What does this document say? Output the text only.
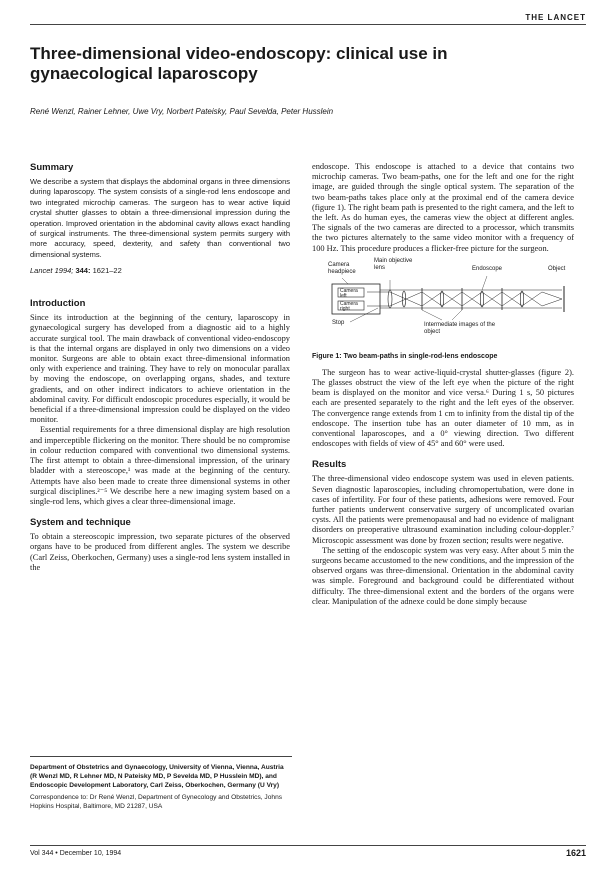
THE LANCET
Three-dimensional video-endoscopy: clinical use in gynaecological laparoscopy
René Wenzl, Rainer Lehner, Uwe Vry, Norbert Pateisky, Paul Sevelda, Peter Husslein
Summary

We describe a system that displays the abdominal organs in three dimensions during laparoscopy. The system consists of a single-rod lens endoscope and two integrated microchip cameras. The surgeon has to wear active liquid crystal shutter glasses to obtain a three-dimensional impression during the operation. Improved orientation in the abdominal cavity allows exact handling of surgical instruments. The three-dimensional system permits surgery with more accuracy, speed, dexterity, and safety than conventional two dimensional systems.

Lancet 1994; 344: 1621–22
Introduction

Since its introduction at the beginning of the century, laparoscopy in gynaecological surgery has developed from a diagnostic aid to a highly accurate surgical tool. The main drawback of conventional video-endoscopy is that the internal organs are displayed in only two dimensions on a video monitor. Surgeons are able to obtain exact three-dimensional information only with experience and training. They have to rely on monocular parallax by moving the endoscope, on overlapping organs, shades, and texture gradients, and on other indirect indicators to achieve orientation in the abdominal cavity. For difficult endoscopic procedures especially, it would be beneficial if a three-dimensional impression could be displayed on the video monitor.

Essential requirements for a three dimensional display are high resolution and imperceptible flickering on the monitor. There should be no compromise in colour reduction compared with conventional two dimensional systems. The first attempt to obtain a three-dimensional impression, of the urinary bladder with a stereoscope,¹ was made at the beginning of the century. Attempts have also been made to create three dimensional systems in other surgical disciplines.²⁻⁵ We describe here a new imaging system based on a single-rod lens, which gives a clear three-dimensional image.

System and technique

To obtain a stereoscopic impression, two separate pictures of the observed organs have to be produced from different angles. The system we describe (Carl Zeiss, Oberkochen, Germany) uses a single-rod lens system installed in the

Department of Obstetrics and Gynaecology, University of Vienna, Vienna, Austria (R Wenzl MD, R Lehner MD, N Pateisky MD, P Sevelda MD, P Husslein MD), and Endoscopic Development Laboratory, Carl Zeiss, Oberkochen, Germany (U Vry)

Correspondence to: Dr René Wenzl, Department of Gynecology and Obstetrics, Johns Hopkins Hospital, Baltimore, MD 21287, USA

endoscope. This endoscope is attached to a device that contains two microchip cameras. Two beam-paths, one for the left and one for the right image, are guided through the single optical system. The separation of the two beam-paths takes place only at the proximal end of the camera device (figure 1). The right beam path is presented to the right camera, and the left to the left. As do human eyes, the cameras view the object at different angles. The signals of the two cameras are directed to a processor, which transmits the two pictures alternately to the same video monitor with a frequency of 100 Hz. This procedure produces a flicker-free picture for the surgeon.

Camera headpiece
Main objective lens	Endoscope	Object
Camera left
Camera right
Stop	Intermediate images of the object
Figure 1: Two beam-paths in single-rod-lens endoscope

The surgeon has to wear active-liquid-crystal shutter-glasses (figure 2). The glasses obstruct the view of the left eye when the picture of the right beam is displayed on the monitor and vice versa.⁶ During 1 s, 50 pictures each are presented separately to the right and the left eyes of the observer. The convergence range extends from 1 cm to infinity from the distal tip of the endoscope. The insertion tube has an outer diameter of 10 mm, as in conventional laparoscopes, and a 0° viewing direction. Two different endoscopes with fields of view of 45° and 60° were used.

Results

The three-dimensional video endoscope system was used in eleven patients. Seven diagnostic laparoscopies, including chromopertubation, were done in cases of infertility. For four of these patients, adhesions were removed. Four further patients underwent conservative surgery of uncomplicated ovarian cysts. All the patients were premenopausal and had no evidence of malignant disorders on preoperative ultrasound examination including colour-doppler.⁷ Microscopic assessment was done by frozen section; results were negative.

The setting of the endoscopic system was very easy. After about 5 min the surgeons became accustomed to the new conditions, and the impression of the observed organs was three-dimensional. Orientation in the abdominal cavity was simple. Foreground and background could be differentiated without difficulty. The three-dimensional extent and the borders of the organs were clear. Manipulation of the adnexe could be done simply because

Vol 344 • December 10, 1994	1621
